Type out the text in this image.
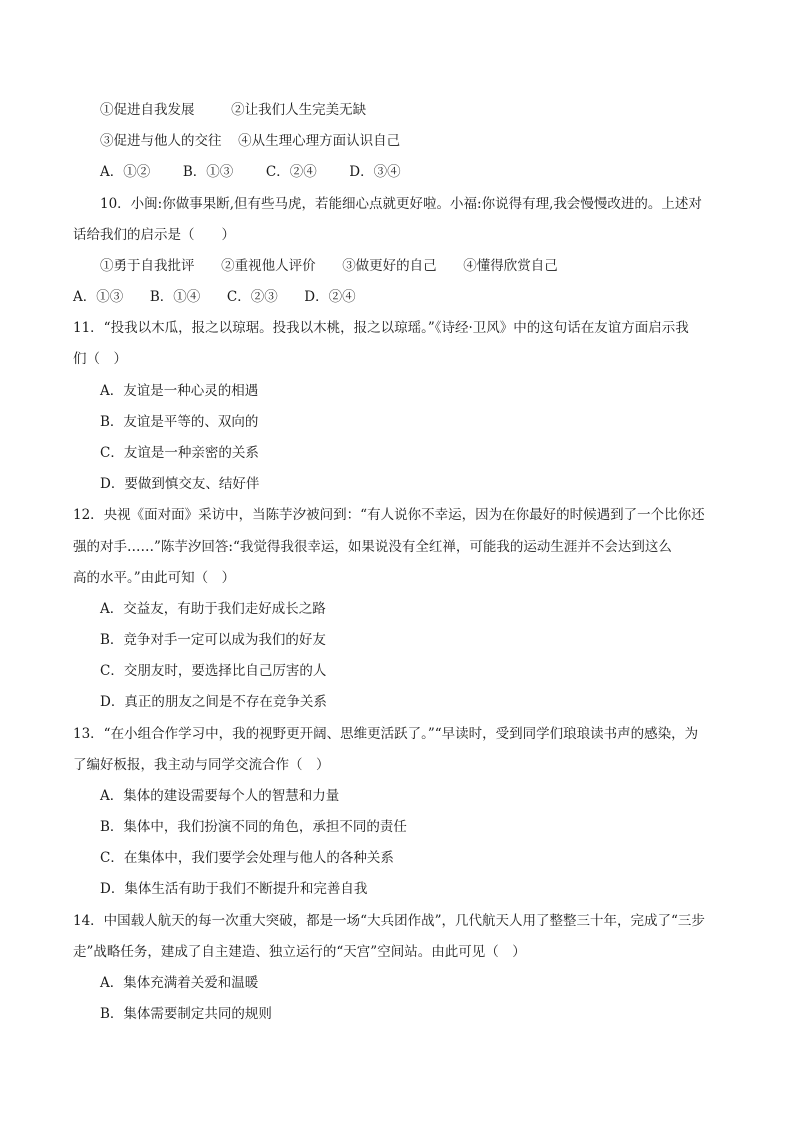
①促进自我发展	②让我们人生完美无缺
③促进与他人的交往 ④从生理心理方面认识自己
A．①② B．①③ C．②④ D．③④
10．小闽:你做事果断,但有些马虎，若能细心点就更好啦。小福:你说得有理,我会慢慢改进的。上述对
话给我们的启示是（　　）
①勇于自我批评 ②重视他人评价 ③做更好的自己 ④懂得欣赏自己
A．①③ B．①④ C．②③ D．②④
11．“投我以木瓜，报之以琼琚。投我以木桃，报之以琼瑶。”《诗经·卫风》中的这句话在友谊方面启示我
们（　）
A．友谊是一种心灵的相遇
B．友谊是平等的、双向的
C．友谊是一种亲密的关系
D．要做到慎交友、结好伴
12．央视《面对面》采访中，当陈芋汐被问到：“有人说你不幸运，因为在你最好的时候遇到了一个比你还
强的对手……”陈芋汐回答:“我觉得我很幸运，如果说没有全红禅，可能我的运动生涯并不会达到这么
高的水平。”由此可知（　）
A．交益友，有助于我们走好成长之路
B．竞争对手一定可以成为我们的好友
C．交朋友时，要选择比自己厉害的人
D．真正的朋友之间是不存在竞争关系
13．“在小组合作学习中，我的视野更开阔、思维更活跃了。”“早读时，受到同学们琅琅读书声的感染，为
了编好板报，我主动与同学交流合作（　）
A．集体的建设需要每个人的智慧和力量
B．集体中，我们扮演不同的角色，承担不同的责任
C．在集体中，我们要学会处理与他人的各种关系
D．集体生活有助于我们不断提升和完善自我
14．中国载人航天的每一次重大突破，都是一场“大兵团作战”，几代航天人用了整整三十年，完成了“三步
走”战略任务，建成了自主建造、独立运行的“天宫”空间站。由此可见（　）
A．集体充满着关爱和温暖
B．集体需要制定共同的规则
